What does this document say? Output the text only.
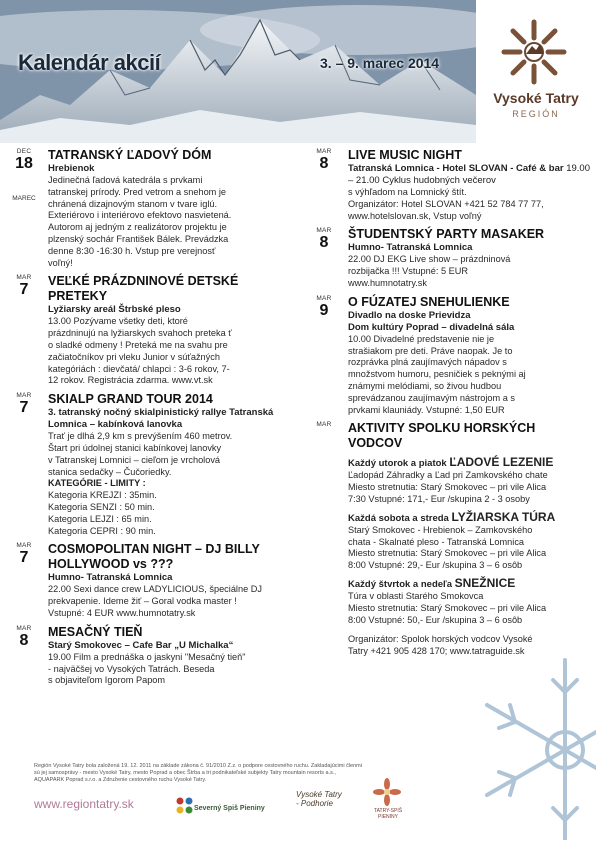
Kalendár akcií	3. – 9. marec 2014
Vysoké Tatry
REGIÓN
DEC
18
MAREC
TATRANSKÝ ĽADOVÝ DÓM
Hrebienok
Jedinečná ľadová katedrála s prvkami
tatranskej prírody. Pred vetrom a snehom je
chránená dizajnovým stanom v tvare iglú.
Exteriérovo i interiérovo efektovo nasvietená.
Autorom aj jedným z realizátorov projektu je
plzenský sochár František Bálek. Prevádzka
denne 8:30 -16:30 h. Vstup pre verejnosť
voľný!
MAR
7	VEĽKÉ PRÁZDNINOVÉ DETSKÉ PRETEKY
Lyžiarsky areál Štrbské pleso
13.00 Pozývame všetky deti, ktoré
prázdninujú na lyžiarskych svahoch preteka ť
o sladké odmeny ! Preteká me na svahu pre
začiatočníkov pri vleku Junior v súťažných
kategóriách : dievčatá/ chlapci : 3-6 rokov, 7-
12 rokov. Registrácia zdarma. www.vt.sk
MAR
7	SKIALP GRAND TOUR 2014
3. tatranský nočný skialpinistický rallye Tatranská Lomnica – kabínková lanovka
Trať je dlhá 2,9 km s prevýšením 460 metrov.
Štart pri údolnej stanici kabínkovej lanovky
v Tatranskej Lomnici – cieľom je vrcholová
stanica sedačky – Čučoriedky.
KATEGÓRIE - LIMITY :
Kategoria KREJZI : 35min.
Kategoria SENZI : 50 min.
Kategoria LEJZI : 65 min.
Kategoria CEPRI : 90 min.
MAR
7	COSMOPOLITAN NIGHT – DJ BILLY HOLLYWOOD vs ???
Humno- Tatranská Lomnica
22.00 Sexi dance crew LADYLICIOUS, špeciálne DJ
prekvapenie. Ideme žiť – Goral vodka master !
Vstupné: 4 EUR www.humnotatry.sk
MAR
8	MESAČNÝ TIEŇ
Starý Smokovec – Cafe Bar „U Michalka“
19.00 Film a prednáška o jaskyni "Mesačný tieň"
- najväčšej vo Vysokých Tatrách. Beseda
s objaviteľom Igorom Papom
MAR
8	LIVE MUSIC NIGHT
Tatranská Lomnica - Hotel SLOVAN - Café & bar 19.00 – 21.00 Cyklus hudobných večerov
s výhľadom na Lomnický štít.
Organizátor: Hotel SLOVAN +421 52 784 77 77,
www.hotelslovan.sk, Vstup voľný
MAR
8	ŠTUDENTSKÝ PARTY MASAKER
Humno- Tatranská Lomnica
22.00 DJ EKG Live show – prázdninová
rozbijačka !!! Vstupné: 5 EUR
www.humnotatry.sk
MAR
9	O FÚZATEJ SNEHULIENKE
Divadlo na doske Prievidza
Dom kultúry Poprad – divadelná sála
10.00 Divadelné predstavenie nie je
strašiakom pre deti. Práve naopak. Je to
rozprávka plná zaujímavých nápadov s
množstvom humoru, pesničiek s peknými aj
známymi melódiami, so živou hudbou
sprevádzanou zaujímavým nástrojom a s
prvkami klauniády. Vstupné: 1,50 EUR
MAR	AKTIVITY SPOLKU HORSKÝCH VODCOV
Každý utorok a piatok ĽADOVÉ LEZENIE
Ľadopád Záhradky a Ľad pri Zamkovského chate
Miesto stretnutia: Starý Smokovec – pri vile Alica
7:30 Vstupné: 171,- Eur /skupina 2 - 3 osoby
Každá sobota a streda LYŽIARSKA TÚRA
Starý Smokovec - Hrebienok – Zamkovského
chata - Skalnaté pleso - Tatranská Lomnica
Miesto stretnutia: Starý Smokovec – pri vile Alica
8:00 Vstupné: 29,- Eur /skupina 3 – 6 osôb
Každý štvrtok a nedeľa SNEŽNICE
Túra v oblasti Starého Smokovca
Miesto stretnutia: Starý Smokovec – pri vile Alica
8:00 Vstupné: 50,- Eur /skupina 3 – 6 osôb
Organizátor: Spolok horských vodcov Vysoké
Tatry +421 905 428 170; www.tatraguide.sk
Región Vysoké Tatry bola založená 19. 12. 2011 na základe zákona č. 91/2010 Z.z. o podpore cestovného ruchu. Zakladajúcimi členmi sú jej samosprávy - mesto Vysoké Tatry, mesto Poprad a obec Štrba a tri podnikateľské subjekty Tatry mountain resorts a.s., AQUAPARK Poprad s.r.o. a Združenie cestovného ruchu Vysoké Tatry.
www.regiontatry.sk	Severný Spiš Pieniny
Vysoké Tatry - Podhorie
TATRY-SPIŠ PIENINY
